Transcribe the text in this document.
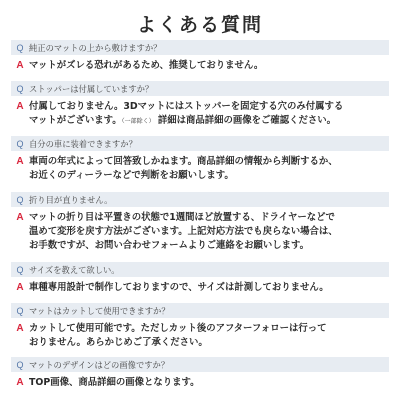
よくある質問
Q 純正のマットの上から敷けますか？
A マットがズレる恐れがあるため、推奨しておりません。
Q ストッパーは付属していますか？
A 付属しておりません。3Dマットにはストッパーを固定する穴のみ付属する
マットがございます。（一部除く） 詳細は商品詳細の画像をご確認ください。
Q 自分の車に装着できますか？
A 車両の年式によって回答致しかねます。商品詳細の情報から判断するか、
お近くのディーラーなどで判断をお願いします。
Q 折り目が直りません。
A マットの折り目は平置きの状態で1週間ほど放置する、ドライヤーなどで
温めて変形を戻す方法がございます。上記対応方法でも戻らない場合は、
お手数ですが、お問い合わせフォームよりご連絡をお願いします。
Q サイズを教えて欲しい。
A 車種専用設計で制作しておりますので、サイズは計測しておりません。
Q マットはカットして使用できますか？
A カットして使用可能です。ただしカット後のアフターフォローは行って
おりません。あらかじめご了承ください。
Q マットのデザインはどの画像ですか？
A TOP画像、商品詳細の画像となります。
